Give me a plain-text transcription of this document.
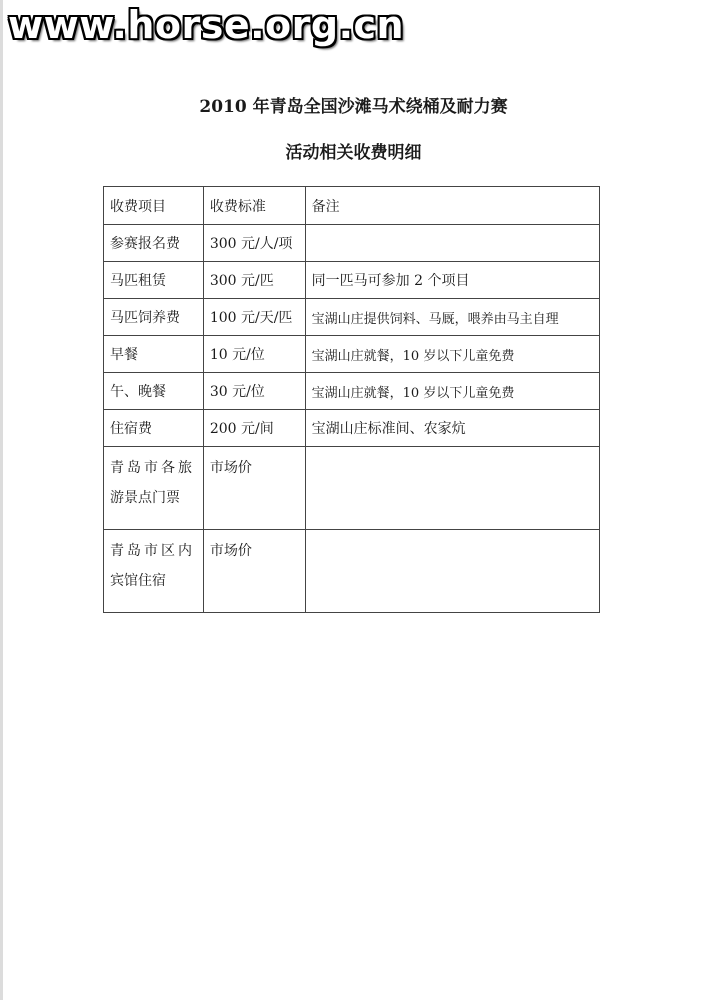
www.horse.org.cn
2010 年青岛全国沙滩马术绕桶及耐力赛
活动相关收费明细
收费项目	收费标准	备注
参赛报名费	300 元/人/项	
马匹租赁	300 元/匹	同一匹马可参加 2 个项目
马匹饲养费	100 元/天/匹	宝湖山庄提供饲料、马厩，喂养由马主自理
早餐	10 元/位	宝湖山庄就餐，10 岁以下儿童免费
午、晚餐	30 元/位	宝湖山庄就餐，10 岁以下儿童免费
住宿费	200 元/间	宝湖山庄标准间、农家炕

青岛市各旅
游景点门票	市场价	

青岛市区内
宾馆住宿	市场价	
